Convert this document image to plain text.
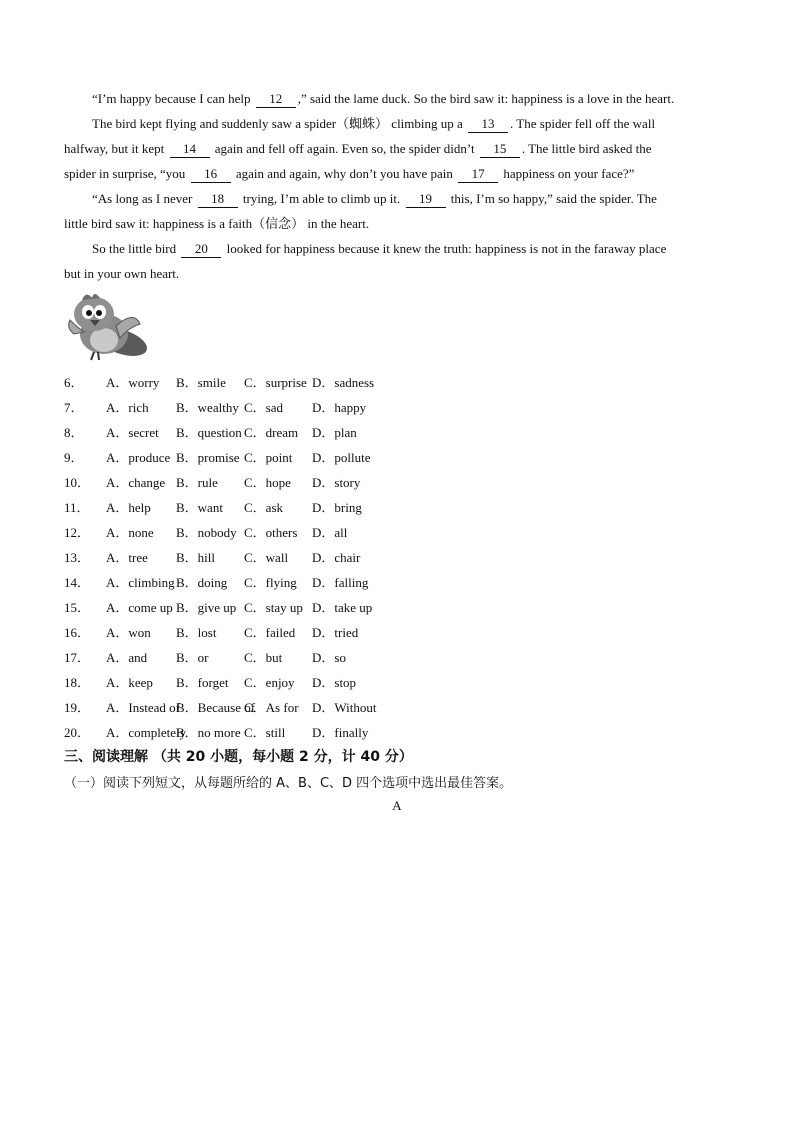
“I’m happy because I can help 12 ,” said the lame duck. So the bird saw it: happiness is a love in the heart.
The bird kept flying and suddenly saw a spider（蜘蛛） climbing up a 13 . The spider fell off the wall
halfway, but it kept 14 again and fell off again. Even so, the spider didn’t 15 . The little bird asked the
spider in surprise, “you 16 again and again, why don’t you have pain 17 happiness on your face?”
“As long as I never 18 trying, I’m able to climb up it. 19 this, I’m so happy,” said the spider. The
little bird saw it: happiness is a faith（信念） in the heart.
So the little bird 20 looked for happiness because it knew the truth: happiness is not in the faraway place
but in your own heart.
6． A．worry B．smile C．surprise D．sadness
7． A．rich B．wealthy C．sad D．happy
8． A．secret B．question C．dream D．plan
9． A．produce B．promise C．point D．pollute
10． A．change B．rule C．hope D．story
11． A．help B．want C．ask D．bring
12． A．none B．nobody C．others D．all
13． A．tree B．hill C．wall D．chair
14． A．climbing B．doing C．flying D．falling
15． A．come up B．give up C．stay up D．take up
16． A．won B．lost C．failed D．tried
17． A．and B．or	C．but D．so
18． A．keep B．forget C．enjoy D．stop
19． A．Instead of
B．Because of
C．As for D．Without
20． A．completely
B．no more C．still D．finally
三、阅读理解 （共 20 小题，每小题 2 分，计 40 分）
（一）阅读下列短文，从每题所给的 A、B、C、D 四个选项中选出最佳答案。
A
